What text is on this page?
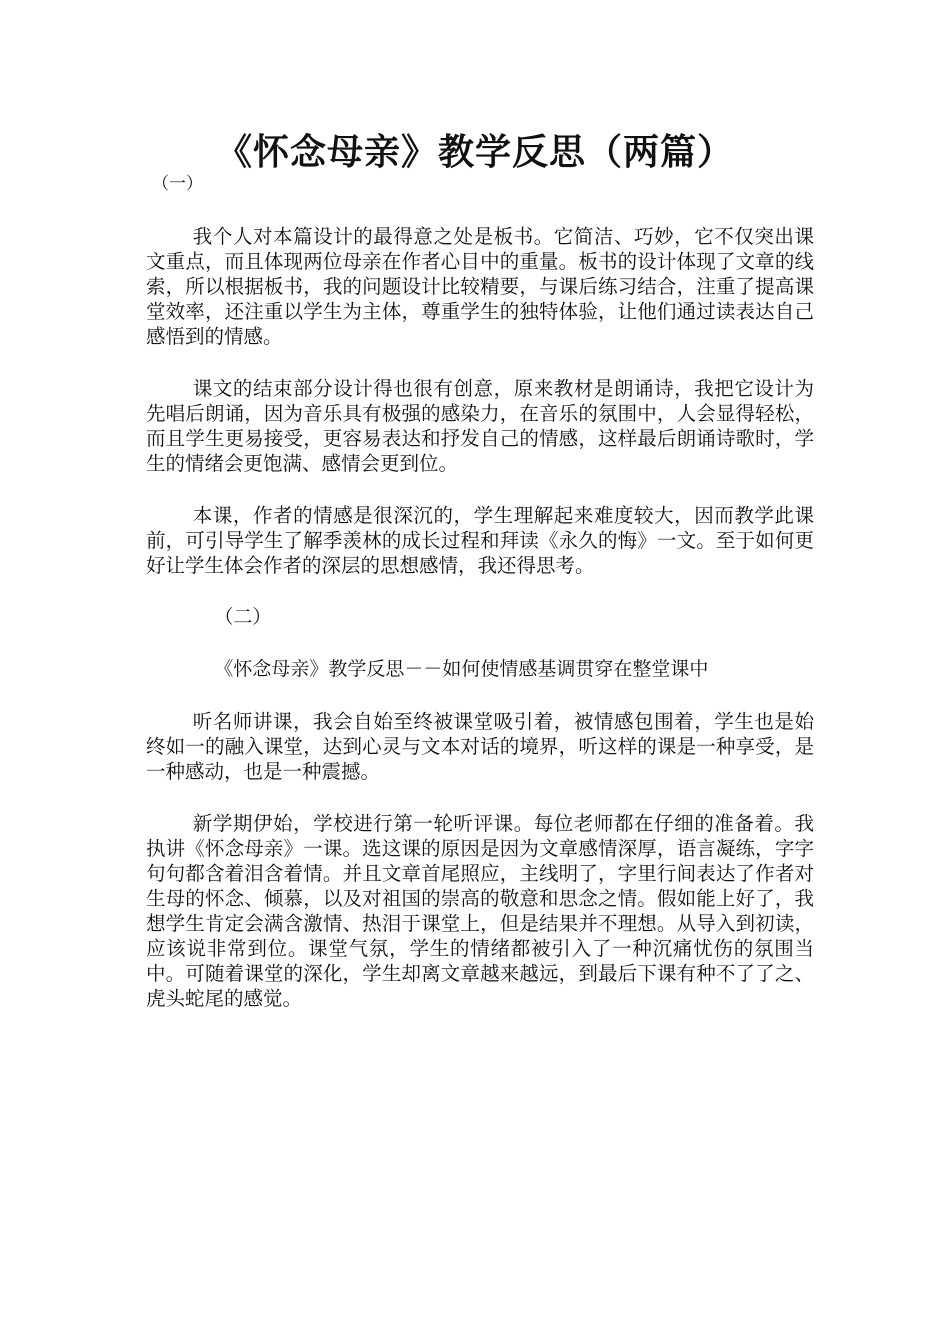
《怀念母亲》教学反思（两篇）

（一）

我个人对本篇设计的最得意之处是板书。它简洁、巧妙，它不仅突出课文重点，而且体现两位母亲在作者心目中的重量。板书的设计体现了文章的线索，所以根据板书，我的问题设计比较精要，与课后练习结合，注重了提高课堂效率，还注重以学生为主体，尊重学生的独特体验，让他们通过读表达自己感悟到的情感。

课文的结束部分设计得也很有创意，原来教材是朗诵诗，我把它设计为先唱后朗诵，因为音乐具有极强的感染力，在音乐的氛围中，人会显得轻松，而且学生更易接受，更容易表达和抒发自己的情感，这样最后朗诵诗歌时，学生的情绪会更饱满、感情会更到位。

本课，作者的情感是很深沉的，学生理解起来难度较大，因而教学此课前，可引导学生了解季羡林的成长过程和拜读《永久的悔》一文。至于如何更好让学生体会作者的深层的思想感情，我还得思考。

（二）

《怀念母亲》教学反思－－如何使情感基调贯穿在整堂课中

听名师讲课，我会自始至终被课堂吸引着，被情感包围着，学生也是始终如一的融入课堂，达到心灵与文本对话的境界，听这样的课是一种享受，是一种感动，也是一种震撼。

新学期伊始，学校进行第一轮听评课。每位老师都在仔细的准备着。我执讲《怀念母亲》一课。选这课的原因是因为文章感情深厚，语言凝练，字字句句都含着泪含着情。并且文章首尾照应，主线明了，字里行间表达了作者对生母的怀念、倾慕，以及对祖国的崇高的敬意和思念之情。假如能上好了，我想学生肯定会满含激情、热泪于课堂上，但是结果并不理想。从导入到初读，应该说非常到位。课堂气氛，学生的情绪都被引入了一种沉痛忧伤的氛围当中。可随着课堂的深化，学生却离文章越来越远，到最后下课有种不了了之、虎头蛇尾的感觉。
